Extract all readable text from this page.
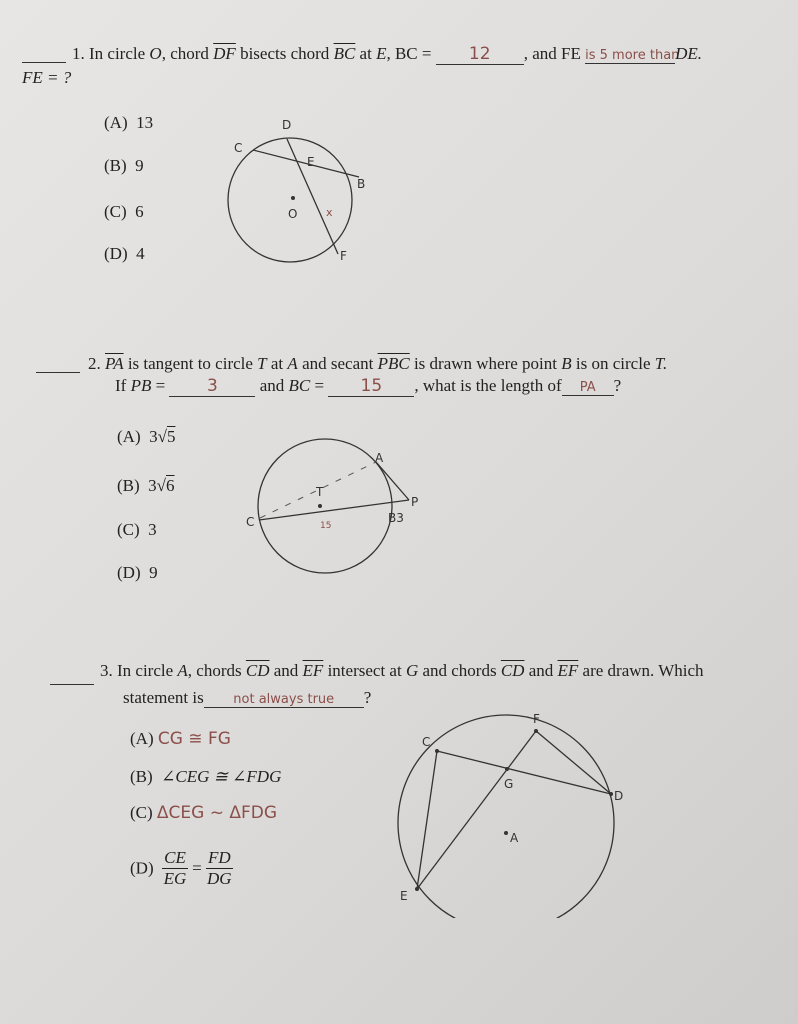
1. In circle O, chord $\overline{DF}$ bisects chord $\overline{BC}$ at E, BC = 12 , and FE is 5 more thanDE.
FE = ?
(A) 13
(B) 9
(C) 6
(D) 4
D
C
E
B
O	x
F
2. $\overline{PA}$ is tangent to circle T at A and secant $\overline{PBC}$ is drawn where point B is on circle T.
If PB = 3 and BC = 15 , what is the length of PA ?
(A) 3√5
(B) 3√6
(C) 3
(D) 9
A
T
C	B3
P
15
3. In circle A, chords $\overline{CD}$ and $\overline{EF}$ intersect at G and chords $\overline{CD}$ and $\overline{EF}$ are drawn. Which
statement is not always true ?
(A) CG ≅ FG
(B) ∠CEG ≅ ∠FDG
(C) ΔCEG ~ ΔFDG
$(D) \frac{CE}{EG} = \frac{FD}{DG}$
F
C
G
D
A
E
